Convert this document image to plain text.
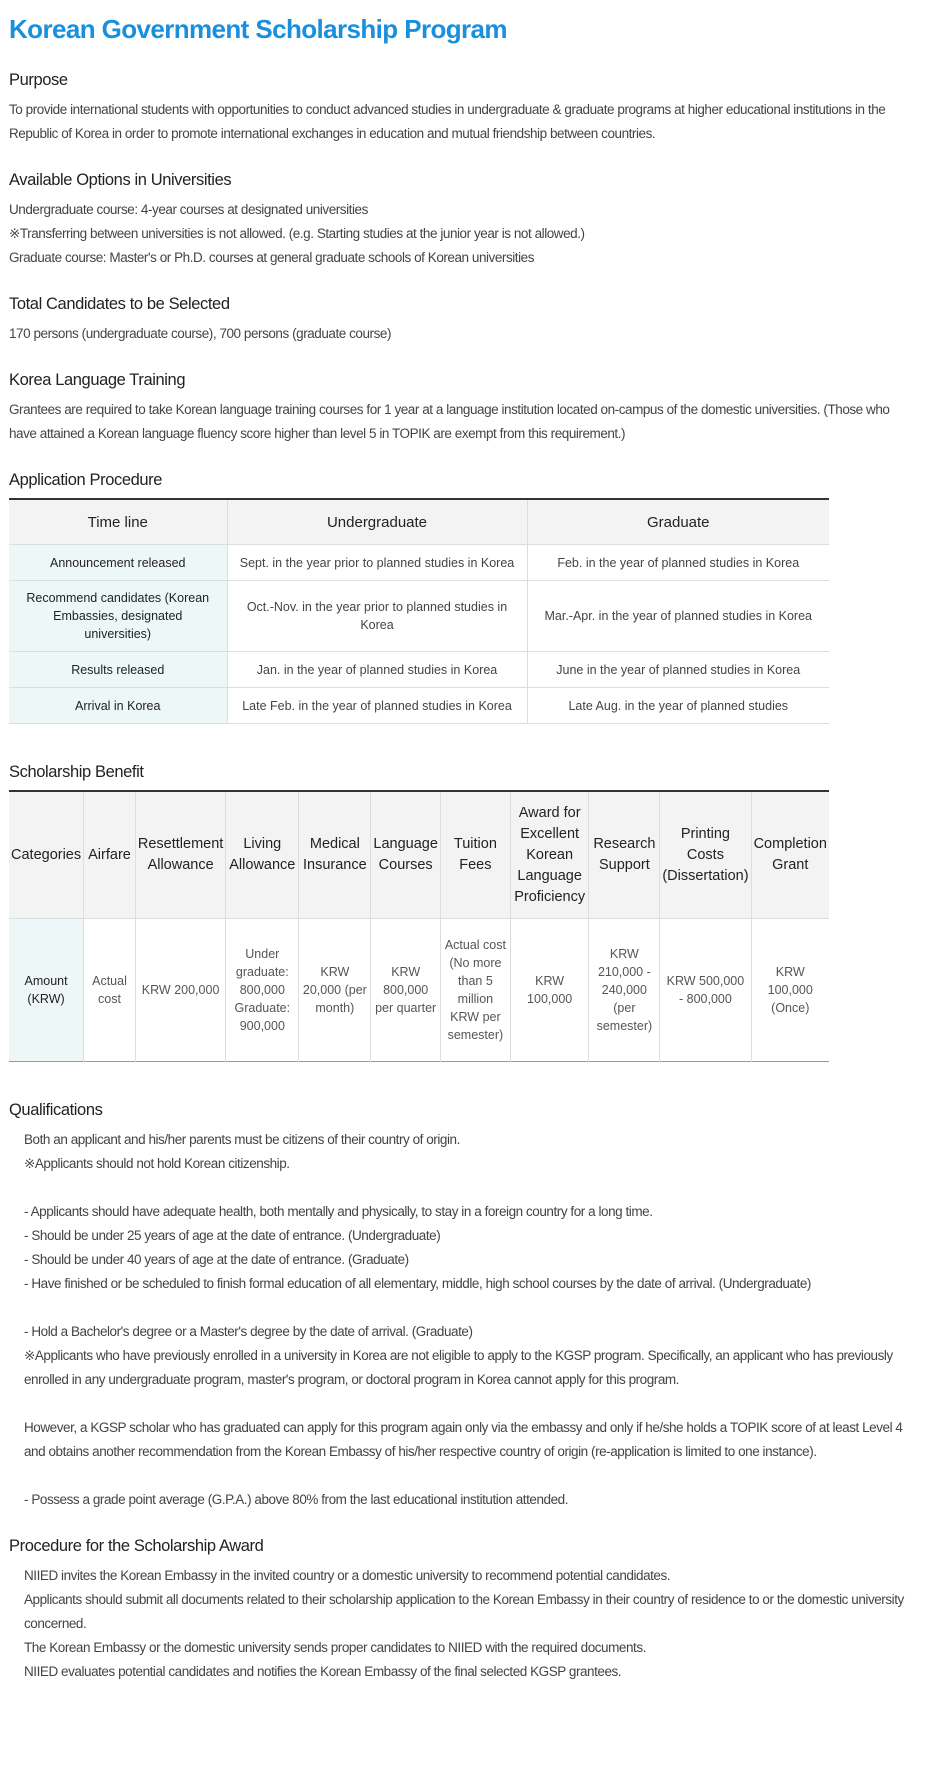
Korean Government Scholarship Program
Purpose

To provide international students with opportunities to conduct advanced studies in undergraduate & graduate programs at higher educational institutions in the Republic of Korea in order to promote international exchanges in education and mutual friendship between countries.

Available Options in Universities

Undergraduate course: 4-year courses at designated universities

※Transferring between universities is not allowed. (e.g. Starting studies at the junior year is not allowed.)

Graduate course: Master's or Ph.D. courses at general graduate schools of Korean universities

Total Candidates to be Selected

170 persons (undergraduate course), 700 persons (graduate course)

Korea Language Training

Grantees are required to take Korean language training courses for 1 year at a language institution located on-campus of the domestic universities. (Those who have attained a Korean language fluency score higher than level 5 in TOPIK are exempt from this requirement.)

Application Procedure
Time line	Undergraduate	Graduate
Announcement released	Sept. in the year prior to planned studies in Korea	Feb. in the year of planned studies in Korea
Recommend candidates (Korean Embassies, designated universities)	Oct.-Nov. in the year prior to planned studies in Korea	Mar.-Apr. in the year of planned studies in Korea
Results released	Jan. in the year of planned studies in Korea	June in the year of planned studies in Korea
Arrival in Korea	Late Feb. in the year of planned studies in Korea	Late Aug. in the year of planned studies
Scholarship Benefit
Categories	Airfare	Resettlement Allowance	Living Allowance	Medical Insurance	Language Courses	Tuition Fees	Award for Excellent Korean Language Proficiency	Research Support	Printing Costs (Dissertation)	Completion Grant
Amount (KRW)	Actual cost	KRW 200,000	Under graduate: 800,000 Graduate: 900,000	KRW 20,000 (per month)	KRW 800,000 per quarter	Actual cost (No more than 5 million KRW per semester)	KRW 100,000	KRW 210,000 - 240,000 (per semester)	KRW 500,000 - 800,000	KRW 100,000 (Once)
Qualifications

Both an applicant and his/her parents must be citizens of their country of origin.

※Applicants should not hold Korean citizenship.

- Applicants should have adequate health, both mentally and physically, to stay in a foreign country for a long time.

- Should be under 25 years of age at the date of entrance. (Undergraduate)

- Should be under 40 years of age at the date of entrance. (Graduate)

- Have finished or be scheduled to finish formal education of all elementary, middle, high school courses by the date of arrival. (Undergraduate)

- Hold a Bachelor's degree or a Master's degree by the date of arrival. (Graduate)

※Applicants who have previously enrolled in a university in Korea are not eligible to apply to the KGSP program. Specifically, an applicant who has previously enrolled in any undergraduate program, master's program, or doctoral program in Korea cannot apply for this program.

However, a KGSP scholar who has graduated can apply for this program again only via the embassy and only if he/she holds a TOPIK score of at least Level 4 and obtains another recommendation from the Korean Embassy of his/her respective country of origin (re-application is limited to one instance).

- Possess a grade point average (G.P.A.) above 80% from the last educational institution attended.

Procedure for the Scholarship Award

NIIED invites the Korean Embassy in the invited country or a domestic university to recommend potential candidates.

Applicants should submit all documents related to their scholarship application to the Korean Embassy in their country of residence to or the domestic university concerned.

The Korean Embassy or the domestic university sends proper candidates to NIIED with the required documents.

NIIED evaluates potential candidates and notifies the Korean Embassy of the final selected KGSP grantees.
